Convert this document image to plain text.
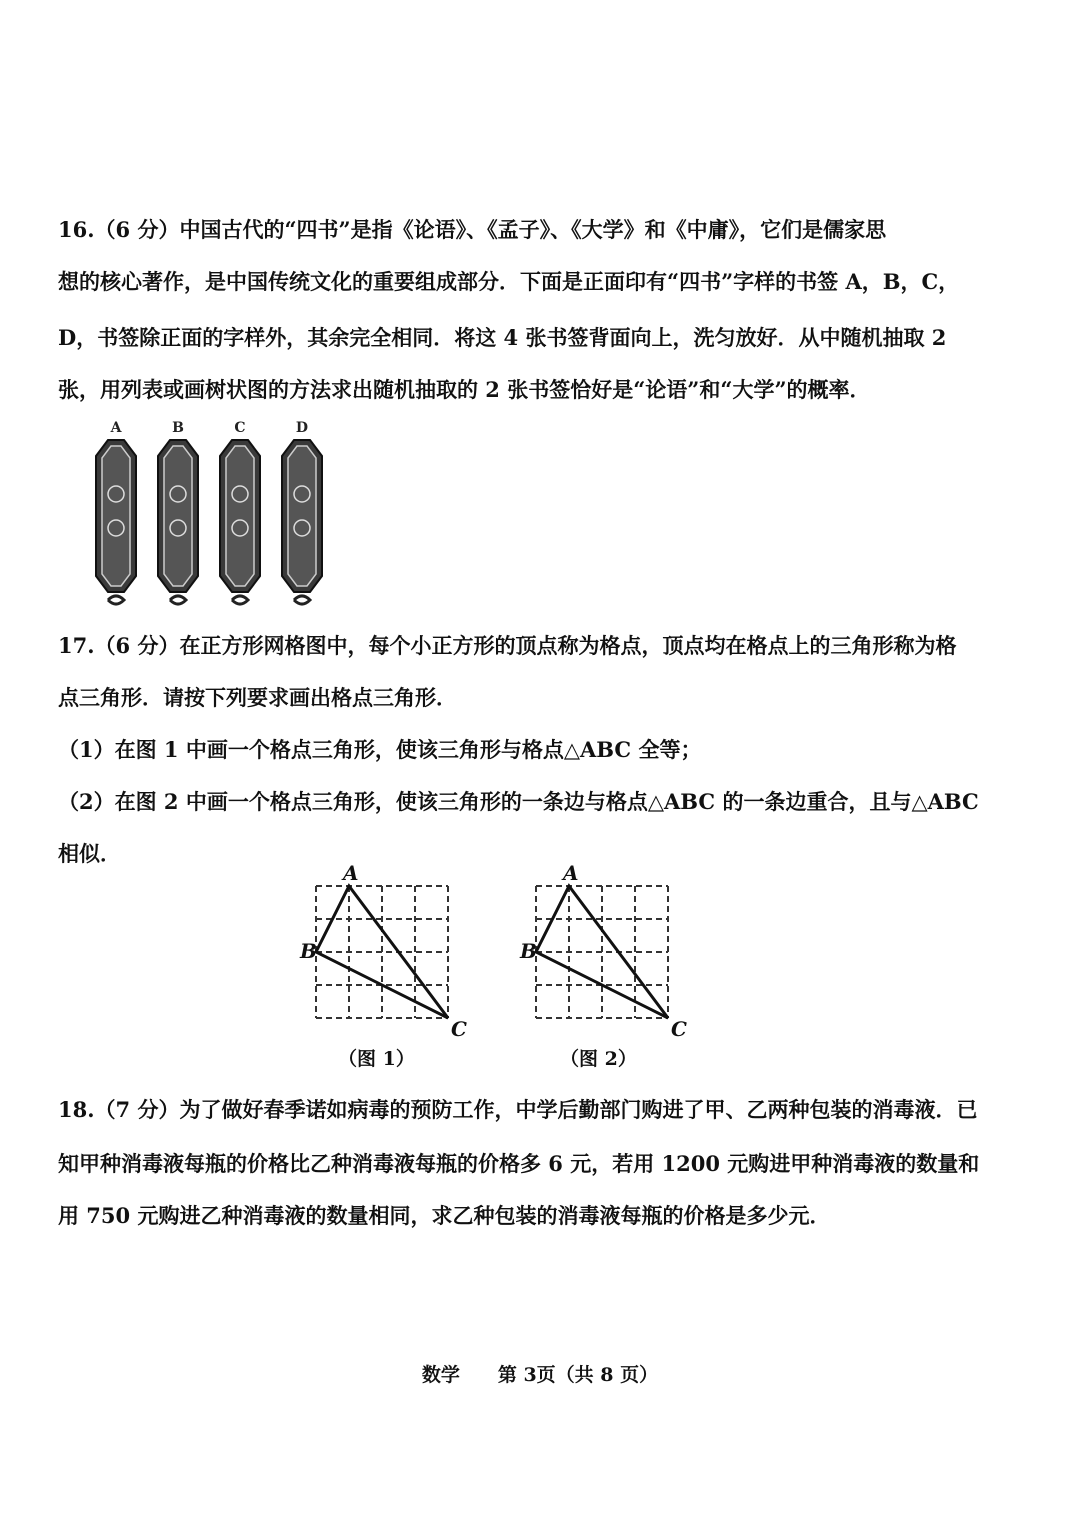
16.（6 分）中国古代的“四书”是指《论语》、《孟子》、《大学》和《中庸》，它们是儒家思
想的核心著作，是中国传统文化的重要组成部分．下面是正面印有“四书”字样的书签 A，B，C，
D，书签除正面的字样外，其余完全相同．将这 4 张书签背面向上，洗匀放好．从中随机抽取 2
张，用列表或画树状图的方法求出随机抽取的 2 张书签恰好是“论语”和“大学”的概率．
A	B	C	D
17.（6 分）在正方形网格图中，每个小正方形的顶点称为格点，顶点均在格点上的三角形称为格
点三角形．请按下列要求画出格点三角形．
（1）在图 1 中画一个格点三角形，使该三角形与格点△ABC 全等；
（2）在图 2 中画一个格点三角形，使该三角形的一条边与格点△ABC 的一条边重合，且与△ABC
相似．
A
B
C
（图 1）
A
B
C
（图 2）
18.（7 分）为了做好春季诺如病毒的预防工作，中学后勤部门购进了甲、乙两种包装的消毒液．已
知甲种消毒液每瓶的价格比乙种消毒液每瓶的价格多 6 元，若用 1200 元购进甲种消毒液的数量和
用 750 元购进乙种消毒液的数量相同，求乙种包装的消毒液每瓶的价格是多少元．
数学　　第 3页（共 8 页）
